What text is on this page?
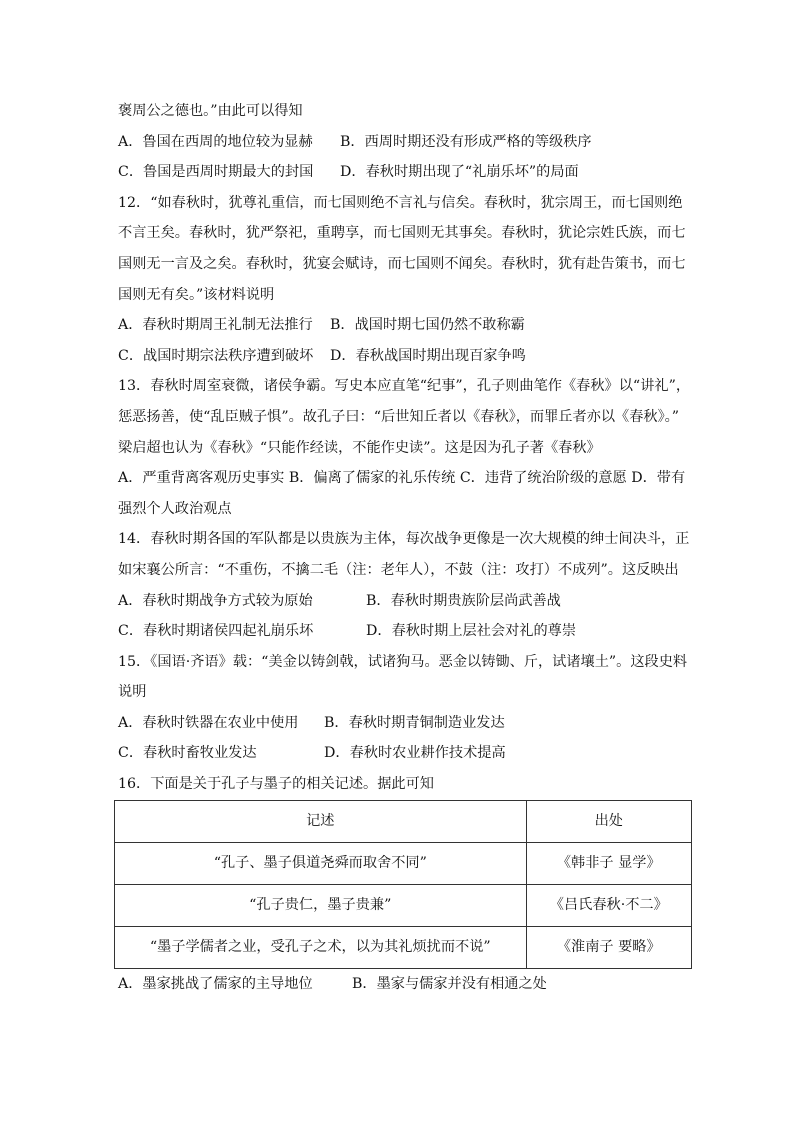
褒周公之德也。”由此可以得知
A．鲁国在西周的地位较为显赫	B．西周时期还没有形成严格的等级秩序
C．鲁国是西周时期最大的封国	D．春秋时期出现了“礼崩乐坏”的局面
12．“如春秋时，犹尊礼重信，而七国则绝不言礼与信矣。春秋时，犹宗周王，而七国则绝
不言王矣。春秋时，犹严祭祀，重聘享，而七国则无其事矣。春秋时，犹论宗姓氏族，而七
国则无一言及之矣。春秋时，犹宴会赋诗，而七国则不闻矣。春秋时，犹有赴告策书，而七
国则无有矣。”该材料说明
A．春秋时期周王礼制无法推行	B．战国时期七国仍然不敢称霸
C．战国时期宗法秩序遭到破坏	D．春秋战国时期出现百家争鸣
13．春秋时周室衰微，诸侯争霸。写史本应直笔“纪事”，孔子则曲笔作《春秋》以“讲礼”，
惩恶扬善，使“乱臣贼子惧”。故孔子曰：“后世知丘者以《春秋》，而罪丘者亦以《春秋》。”
梁启超也认为《春秋》“只能作经读，不能作史读”。这是因为孔子著《春秋》
A．严重背离客观历史事实 B．偏离了儒家的礼乐传统 C．违背了统治阶级的意愿 D．带有
强烈个人政治观点
14．春秋时期各国的军队都是以贵族为主体，每次战争更像是一次大规模的绅士间决斗，正
如宋襄公所言：“不重伤，不擒二毛（注：老年人），不鼓（注：攻打）不成列”。这反映出
A．春秋时期战争方式较为原始	B．春秋时期贵族阶层尚武善战
C．春秋时期诸侯四起礼崩乐坏	D．春秋时期上层社会对礼的尊崇
15．《国语·齐语》载：“美金以铸剑戟，试诸狗马。恶金以铸锄、斤，试诸壤土”。这段史料
说明
A．春秋时铁器在农业中使用	B．春秋时期青铜制造业发达
C．春秋时畜牧业发达	D．春秋时农业耕作技术提高
16．下面是关于孔子与墨子的相关记述。据此可知
记述	出处
“孔子、墨子俱道尧舜而取舍不同”	《韩非子 显学》
“孔子贵仁，墨子贵兼”	《吕氏春秋·不二》
“墨子学儒者之业，受孔子之术，以为其礼烦扰而不说”	《淮南子 要略》
A．墨家挑战了儒家的主导地位	B．墨家与儒家并没有相通之处
